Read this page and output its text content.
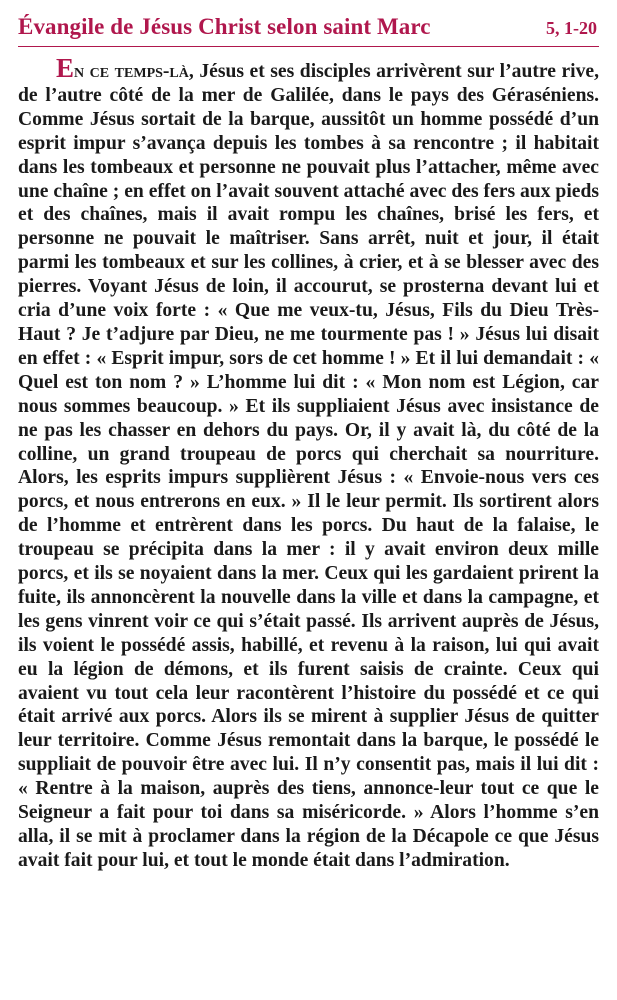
Évangile de Jésus Christ selon saint Marc	5, 1-20

En ce temps-là, Jésus et ses disciples arrivèrent sur l’autre rive, de l’autre côté de la mer de Galilée, dans le pays des Géraséniens. Comme Jésus sortait de la barque, aussitôt un homme possédé d’un esprit impur s’avança depuis les tombes à sa rencontre ; il habitait dans les tombeaux et personne ne pouvait plus l’attacher, même avec une chaîne ; en effet on l’avait souvent attaché avec des fers aux pieds et des chaînes, mais il avait rompu les chaînes, brisé les fers, et personne ne pouvait le maîtriser. Sans arrêt, nuit et jour, il était parmi les tombeaux et sur les collines, à crier, et à se blesser avec des pierres. Voyant Jésus de loin, il accourut, se prosterna devant lui et cria d’une voix forte : « Que me veux-tu, Jésus, Fils du Dieu Très-Haut ? Je t’adjure par Dieu, ne me tourmente pas ! » Jésus lui disait en effet : « Esprit impur, sors de cet homme ! » Et il lui demandait : « Quel est ton nom ? » L’homme lui dit : « Mon nom est Légion, car nous sommes beaucoup. » Et ils suppliaient Jésus avec insistance de ne pas les chasser en dehors du pays. Or, il y avait là, du côté de la colline, un grand troupeau de porcs qui cherchait sa nourriture. Alors, les esprits impurs supplièrent Jésus : « Envoie-nous vers ces porcs, et nous entrerons en eux. » Il le leur permit. Ils sortirent alors de l’homme et entrèrent dans les porcs. Du haut de la falaise, le troupeau se précipita dans la mer : il y avait environ deux mille porcs, et ils se noyaient dans la mer. Ceux qui les gardaient prirent la fuite, ils annoncèrent la nouvelle dans la ville et dans la campagne, et les gens vinrent voir ce qui s’était passé. Ils arrivent auprès de Jésus, ils voient le possédé assis, habillé, et revenu à la raison, lui qui avait eu la légion de démons, et ils furent saisis de crainte. Ceux qui avaient vu tout cela leur racontèrent l’histoire du possédé et ce qui était arrivé aux porcs. Alors ils se mirent à supplier Jésus de quitter leur territoire. Comme Jésus remontait dans la barque, le possédé le suppliait de pouvoir être avec lui. Il n’y consentit pas, mais il lui dit : « Rentre à la maison, auprès des tiens, annonce-leur tout ce que le Seigneur a fait pour toi dans sa miséricorde. » Alors l’homme s’en alla, il se mit à proclamer dans la région de la Décapole ce que Jésus avait fait pour lui, et tout le monde était dans l’admiration.
